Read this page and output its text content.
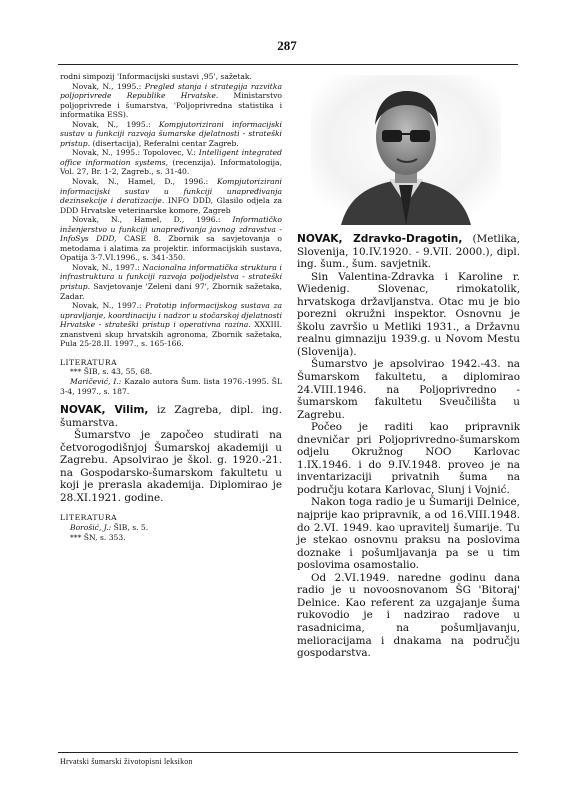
287

rodni simpozij 'Informacijski sustavi ,95', sažetak.

Novak, N., 1995.: Pregled stanja i strategija razvitka poljoprivrede Republike Hrvatske. Ministarstvo poljoprivrede i šumarstva, 'Poljoprivredna statistika i informatika ESS).

Novak, N., 1995.: Kompjutorizirani informacijski sustav u funkciji razvoja šumarske djelatnosti - strateški pristup. (disertacija), Referalni centar Zagreb.

Novak, N., 1995.: Topolovec, V.: Intelligent integrated office information systems, (recenzija). Informatologija, Vol. 27, Br. 1-2, Zagreb., s. 31-40.

Novak, N., Hamel, D., 1996.: Kompjutorizirani informacijski sustav u funkciji unapređivanja dezinsekcije i deratizacije. INFO DDD, Glasilo odjela za DDD Hrvatske veterinarske komore, Zagreb

Novak, N., Hamel, D., 1996.: Informatičko inženjerstvo u funkciji unapređivanja javnog zdravstva - InfoSys DDD, CASE 8. Zbornik sa savjetovanja o metodama i alatima za projektir. informacijskih sustava, Opatija 3-7.VI.1996., s. 341-350.

Novak, N., 1997.: Nacionalna informatička struktura i infrastruktura u funkciji razvoja poljodjelstva - strateški pristup. Savjetovanje 'Zeleni dani 97', Zbornik sažetaka, Zadar.

Novak, N., 1997.: Prototip informacijskog sustava za upravljanje, koordinaciju i nadzor u stočarskoj djelatnosti Hrvatske - strateški pristup i operativna razina. XXXIII. znanstveni skup hrvatskih agronoma, Zbornik sažetaka, Pula 25-28.II. 1997., s. 165-166.

LITERATURA

*** ŠIB, s. 43, 55, 68.

Maričević, I.: Kazalo autora Šum. lista 1976.-1995. ŠL 3-4, 1997., s. 187.

NOVAK, Vilim, iz Zagreba, dipl. ing. šumarstva.

Šumarstvo je započeo studirati na četvorogodišnjoj Šumarskoj akademiji u Zagrebu. Apsolvirao je škol. g. 1920.-21. na Gospodarsko-šumarskom fakultetu u koji je prerasla akademija. Diplomirao je 28.XI.1921. godine.

LITERATURA

Borošić, J.: ŠIB, s. 5.

*** ŠN, s. 353.

NOVAK, Zdravko-Dragotin, (Metlika, Slovenija, 10.IV.1920. - 9.VII. 2000.), dipl. ing. šum., šum. savjetnik.

Sin Valentina-Zdravka i Karoline r. Wiedenig. Slovenac, rimokatolik, hrvatskoga državljanstva. Otac mu je bio porezni okružni inspektor. Osnovnu je školu završio u Metliki 1931., a Državnu realnu gimnaziju 1939.g. u Novom Mestu (Slovenija).

Šumarstvo je apsolvirao 1942.-43. na Šumarskom fakultetu, a diplomirao 24.VIII.1946. na Poljoprivredno - šumarskom fakultetu Sveučilišta u Zagrebu.

Počeo je raditi kao pripravnik dnevničar pri Poljoprivredno-šumarskom odjelu Okružnog NOO Karlovac 1.IX.1946. i do 9.IV.1948. proveo je na inventarizaciji privatnih šuma na području kotara Karlovac, Slunj i Vojnić.

Nakon toga radio je u Šumariji Delnice, najprije kao pripravnik, a od 16.VIII.1948. do 2.VI. 1949. kao upravitelj šumarije. Tu je stekao osnovnu praksu na poslovima doznake i pošumljavanja pa se u tim poslovima osamostalio.

Od 2.VI.1949. naredne godinu dana radio je u novoosnovanom ŠG 'Bitoraj' Delnice. Kao referent za uzgajanje šuma rukovodio je i nadzirao radove u rasadnicima, na pošumljavanju, melioracijama i dnakama na području gospodarstva.

Hrvatski šumarski životopisni leksikon
